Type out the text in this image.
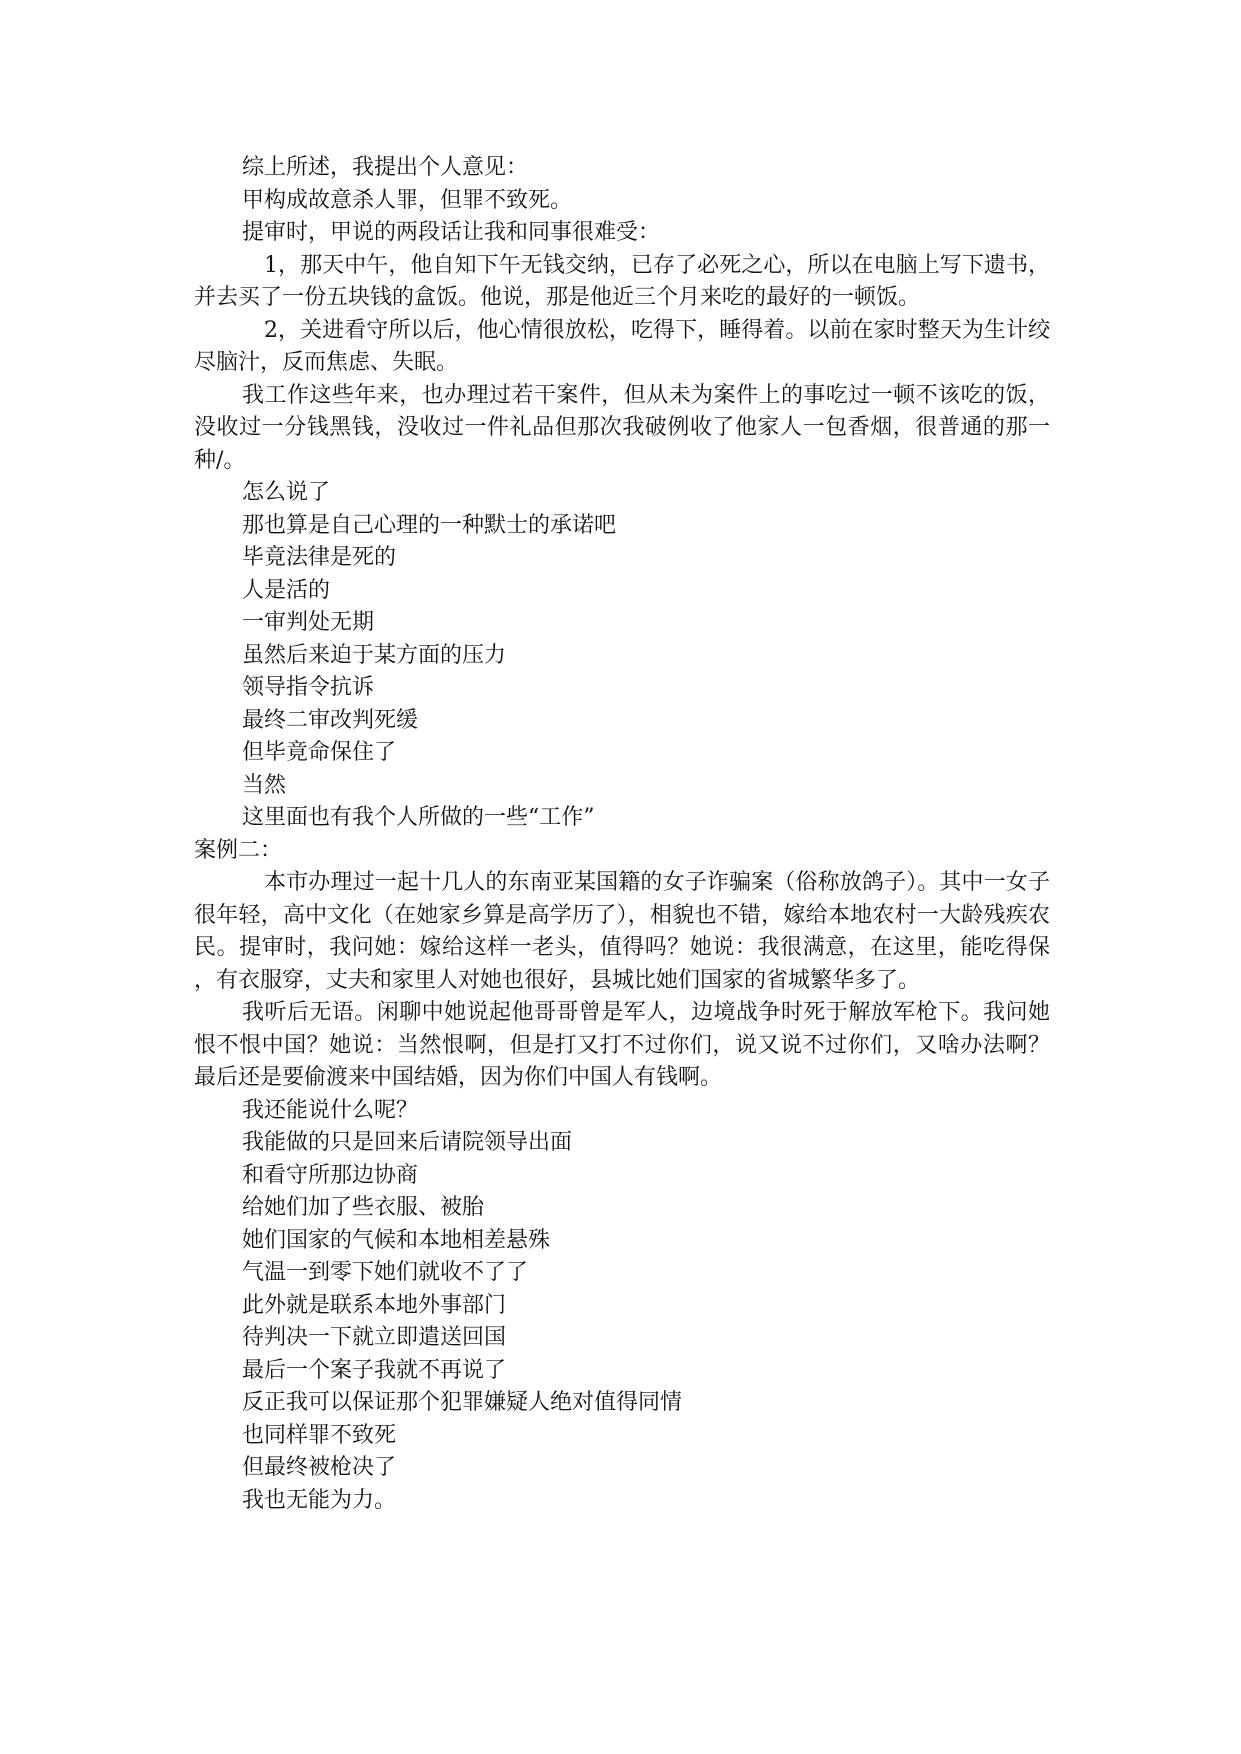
综上所述，我提出个人意见：

甲构成故意杀人罪，但罪不致死。

提审时，甲说的两段话让我和同事很难受：

1，那天中午，他自知下午无钱交纳，已存了必死之心，所以在电脑上写下遗书，并去买了一份五块钱的盒饭。他说，那是他近三个月来吃的最好的一顿饭。

2，关进看守所以后，他心情很放松，吃得下，睡得着。以前在家时整天为生计绞尽脑汁，反而焦虑、失眠。

我工作这些年来，也办理过若干案件，但从未为案件上的事吃过一顿不该吃的饭，没收过一分钱黑钱，没收过一件礼品但那次我破例收了他家人一包香烟，很普通的那一种/。

怎么说了

那也算是自己心理的一种默士的承诺吧

毕竟法律是死的

人是活的

一审判处无期

虽然后来迫于某方面的压力

领导指令抗诉

最终二审改判死缓

但毕竟命保住了

当然

这里面也有我个人所做的一些“工作”

案例二：

本市办理过一起十几人的东南亚某国籍的女子诈骗案（俗称放鸽子）。其中一女子很年轻，高中文化（在她家乡算是高学历了），相貌也不错，嫁给本地农村一大龄残疾农民。提审时，我问她：嫁给这样一老头，值得吗？她说：我很满意，在这里，能吃得保，有衣服穿，丈夫和家里人对她也很好，县城比她们国家的省城繁华多了。

我听后无语。闲聊中她说起他哥哥曾是军人，边境战争时死于解放军枪下。我问她恨不恨中国？她说：当然恨啊，但是打又打不过你们，说又说不过你们，又啥办法啊？最后还是要偷渡来中国结婚，因为你们中国人有钱啊。

我还能说什么呢？

我能做的只是回来后请院领导出面

和看守所那边协商

给她们加了些衣服、被胎

她们国家的气候和本地相差悬殊

气温一到零下她们就收不了了

此外就是联系本地外事部门

待判决一下就立即遣送回国

最后一个案子我就不再说了

反正我可以保证那个犯罪嫌疑人绝对值得同情

也同样罪不致死

但最终被枪决了

我也无能为力。
